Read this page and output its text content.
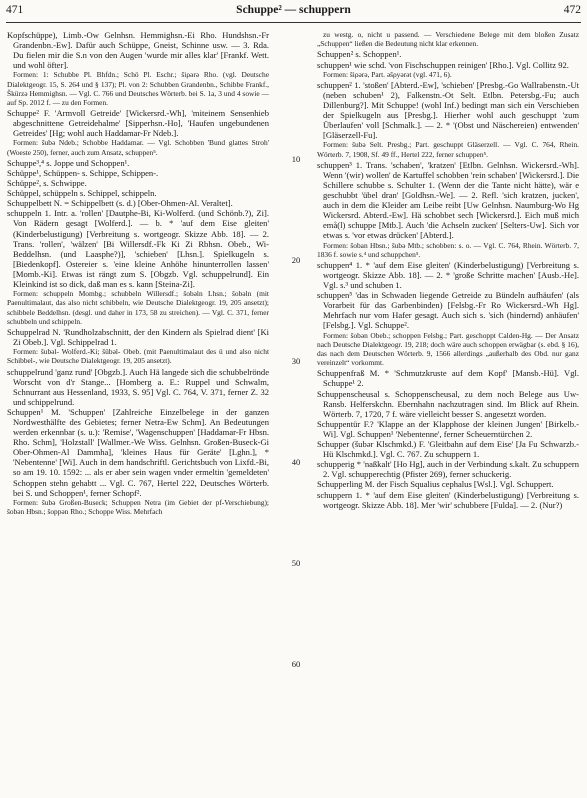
471	Schuppe² — schuppern	472

Kopfschüppe), Limb.-Ow Gelnhsn. Hemmighsn.-Ei Rho. Hundshsn.-Fr Grandenbn.-Ew]. Dafür auch Schüppe, Gneist, Schinne usw. — 3. Rda. Du fielen mir die S.n von den Augen 'wurde mir alles klar' [Frankf. Wett. und wohl öfter].

Formen: 1: Schubbe Pl. Bhfdn.; Schö Pl. Eschr.; šiρərə Rho. (vgl. Deutsche Dialektgeogr. 15, S. 264 und § 137); Pl. von 2: Schubben Grandenbn., Schibbe Frankf., Škürzə Hemmighsn. — Vgl. C. 766 und Deutsches Wörterb. bei S. 1a, 3 und 4 sowie — auf Sp. 2012 f. — zu den Formen.

Schuppe² F. 'Armvoll Getreide' [Wickersrd.-Wh], 'miteinem Sensenhieb abgeschnittene Getreidehalme' [Sipperhsn.-Ho], 'Haufen ungebundenen Getreides' [Hg; wohl auch Haddamar-Fr Ndeb.].

Formen: šubə Ndeb.; Schobbe Haddamar. — Vgl. Schobben 'Bund glattes Stroh' (Woeste 250), ferner, auch zum Ansatz, schuppen⁵.

Schuppe³,⁴ s. Joppe und Schoppen¹.

Schüppe¹, Schüppen- s. Schippe, Schippen-.

Schüppe², s. Schwippe.

Schüppel, schüppeln s. Schippel, schippeln.

Schuppelbett N. = Schippelbett (s. d.) [Ober-Ohmen-Al. Veraltet].

schuppeln 1. Intr. a. 'rollen' [Dautphe-Bi, Ki-Wolferd. (und Schönb.?), Zi]. Von Rädern gesagt [Wolferd.]. — b. * 'auf dem Eise gleiten' (Kinderbelustigung) [Verbreitung s. wortgeogr. Skizze Abb. 18]. — 2. Trans. 'rollen', 'wälzen' [Bi Willersdf.-Fk Ki Zi Rbhsn. Obeb., Wi-Beddelhsn. (und Laasphe?)], 'schieben' [Lhsn.]. Spielkugeln s. [Biedenkopf]. Ostereier s. 'eine kleine Anhöhe hinunterrollen lassen' [Momb.-Ki]. Etwas ist rängt zum S. [Obgzb. Vgl. schuppelrund]. Ein Kleinkind ist so dick, daß man es s. kann [Steina-Zi].

Formen: schuppeln Mombg.; schubbeln Willersdf.; šobəln Lhsn.; šobəln (mit Paenultimalaut, das also nicht schibbeln, wie Deutsche Dialektgeogr. 19, 205 ansetzt); schibbele Beddelhsn. (desgl. und daher in 173, 58 zu streichen). — Vgl. C. 371, ferner schubbeln und schippeln.

Schuppelrad N. 'Rundholzabschnitt, der den Kindern als Spielrad dient' [Ki Zi Obeb.]. Vgl. Schippelrad 1.

Formen: šubəl- Wolferd.-Ki; šübəl- Obeb. (mit Paenultimalaut des ü und also nicht Schibbel-, wie Deutsche Dialektgeogr. 19, 205 ansetzt).

schuppelrund 'ganz rund' [Obgzb.]. Auch Hä langede sich die schubbelrönde Worscht von d'r Stange... [Homberg a. E.: Ruppel und Schwalm, Schnurrant aus Hessenland, 1933, S. 95] Vgl. C. 764, V. 371, ferner Z. 32 und schippelrund.

Schuppen¹ M. 'Schuppen' [Zahlreiche Einzelbelege in der ganzen Nordwesthälfte des Gebietes; ferner Netra-Ew Schm]. An Bedeutungen werden erkennbar (s. u.): 'Remise', 'Wagenschuppen' [Haddamar-Fr Hbsn. Rho. Schm], 'Holzstall' [Wallmer.-We Wiss. Gelnhsn. Großen-Buseck-Gi Ober-Ohmen-Al Dammha], 'kleines Haus für Geräte' [Lghn.], * 'Nebentenne' [Wi]. Auch in dem handschriftl. Gerichtsbuch von Lixfd.-Bi, so am 19. 10. 1592: ... als er aber sein wagen vnder ermeltin 'gemeldeten' Schoppen stehn gehabtt ... Vgl. C. 767, Hertel 222, Deutsches Wörterb. bei S. und Schoppen¹, ferner Schopf².

Formen: šubə Großen-Buseck; Schuppen Netra (im Gebiet der pf-Verschiebung); šobən Hbsn.; šoppən Rho.; Schoppe Wiss. Mehrfach

10
20
30
40
50
60

zu westg. o, nicht u passend. — Verschiedene Belege mit dem bloßen Zusatz „Schuppen“ ließen die Bedeutung nicht klar erkennen.

Schuppen² s. Schoppen¹.

schuppen¹ wie schd. 'von Fischschuppen reinigen' [Rho.]. Vgl. Collitz 92.

Formen: šiρərə, Part. əšρyərət (vgl. 471, 6).

schuppen² 1. 'stoßen' [Abterd.-Ew], 'schieben' [Presbg.-Go Wallrabenstn.-Ut (neben schuben¹ 2), Falkenstn.-Ot Selt. Etlbn. Petersbg.-Fu; auch Dillenburg?]. Mit Schuppe! (wohl Inf.) bedingt man sich ein Verschieben der Spielkugeln aus [Presbg.]. Hierher wohl auch geschuppt 'zum Überlaufen' voll [Schmalk.]. — 2. * '(Obst und Näschereien) entwenden' [Gläserzell-Fu].

Formen: šubə Selt. Presbg.; Part. geschuppt Gläserzell. — Vgl. C. 764, Rhein. Wörterb. 7, 1908, Sf. 49 ff., Hertel 222, ferner schuppen⁵.

schuppen³ 1. Trans. 'schaben', 'kratzen' [Etlbn. Gelnhsn. Wickersrd.-Wh]. Wenn '(wir) wollen' de Kartuffel schobben 'rein schaben' [Wickersrd.]. Die Schillere schubbe s. Schulter 1. (Wenn der die Tante nicht hätte), wär e geschubbt 'übel dran' [Goldhsn.-We]. — 2. Refl. 'sich kratzen, jucken', auch in dem die Kleider am Leibe reibt [Uw Gelnhsn. Naumburg-Wo Hg Wickersrd. Abterd.-Ew]. Hä schobbet sech [Wickersrd.]. Eich muß mich emå(l) schuppe [Mtb.]. Auch 'die Achseln zucken' [Selters-Uw]. Sich vor etwas s. 'vor etwas drücken' [Abterd.].

Formen: šoban Hbsn.; šubə Mtb.; schobben: s. o. — Vgl. C. 764, Rhein. Wörterb. 7, 1836 f. sowie s.⁴ und schuppchen⁵.

schuppen⁴ 1. * 'auf dem Eise gleiten' (Kinderbelustigung) [Verbreitung s. wortgeogr. Skizze Abb. 18]. — 2. * 'große Schritte machen' [Ausb.-He]. Vgl. s.³ und schuben 1.

schuppen⁵ 'das in Schwaden liegende Getreide zu Bündeln aufhäufen' (als Vorarbeit für das Garbenbinden) [Felsbg.-Fr Ro Wickersrd.-Wh Hg]. Mehrfach nur vom Hafer gesagt. Auch sich s. 'sich (hindernd) anhäufen' [Felsbg.]. Vgl. Schuppe².

Formen: šobən Obeb.; schoppen Felsbg.; Part. geschoppt Calden-Hg. — Der Ansatz nach Deutsche Dialektgeogr. 19, 218; doch wäre auch schoppen erwägbar (s. ebd. § 16), das nach dem Deutschen Wörterb. 9, 1566 allerdings „außerhalb des Obd. nur ganz vereinzelt“ vorkommt.

Schuppenfraß M. * 'Schmutzkruste auf dem Kopf' [Mansb.-Hü]. Vgl. Schuppe¹ 2.

Schuppenscheusal s. Schoppenscheusal, zu dem noch Belege aus Uw-Ransb. Helferskchn. Ebernhahn nachzutragen sind. Im Blick auf Rhein. Wörterb. 7, 1720, 7 f. wäre vielleicht besser S. angesetzt worden.

Schuppentür F.? 'Klappe an der Klapphose der kleinen Jungen' [Birkelb.-Wi]. Vgl. Schuppen¹ 'Nebentenne', ferner Scheuerntürchen 2.

Schupper (šubər Klschmkd.) F. 'Gleitbahn auf dem Eise' [Ja Fu Schwarzb.-Hü Klschmkd.]. Vgl. C. 767. Zu schuppern 1.

schupperig * 'naßkalt' [Ho Hg], auch in der Verbindung s.kalt. Zu schuppern 2. Vgl. schupperechtig (Pfister 269), ferner schuckerig.

Schupperling M. der Fisch Squalius cephalus [Wsl.]. Vgl. Schuppert.

schuppern 1. * 'auf dem Eise gleiten' (Kinderbelustigung) [Verbreitung s. wortgeogr. Skizze Abb. 18]. Mer 'wir' schubbere [Fulda]. — 2. (Nur?)
